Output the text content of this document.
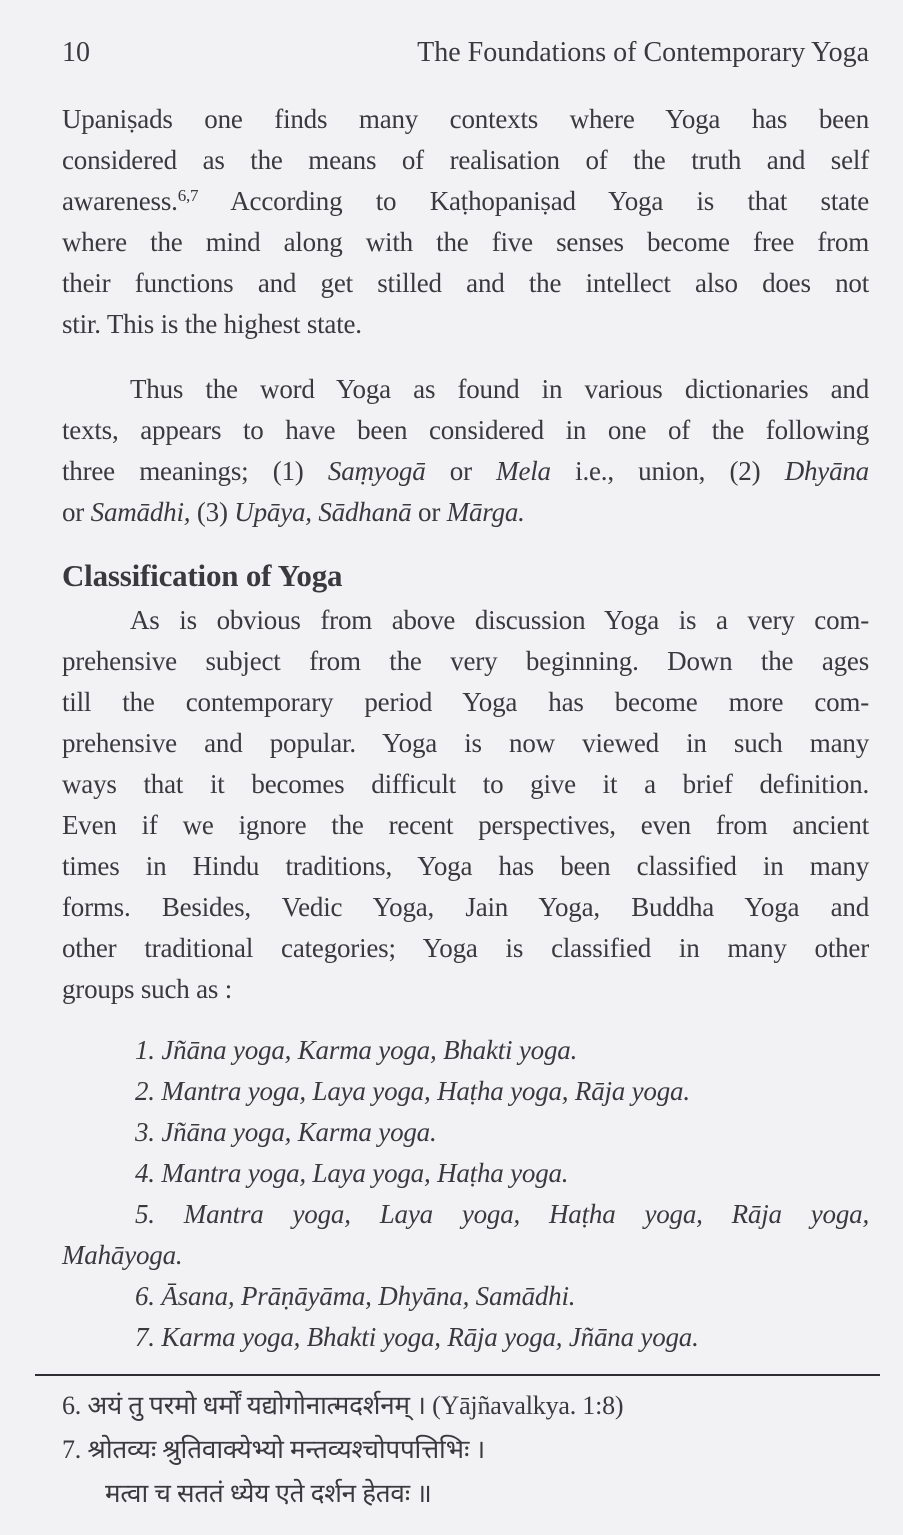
10	The Foundations of Contemporary Yoga
Upaniṣads one finds many contexts where Yoga has been
considered as the means of realisation of the truth and self
awareness.$^{6,7}$ According to Kaṭhopaniṣad Yoga is that state
where the mind along with the five senses become free from
their functions and get stilled and the intellect also does not
stir. This is the highest state.
Thus the word Yoga as found in various dictionaries and
texts, appears to have been considered in one of the following
three meanings; (1) Saṃyogā or Mela i.e., union, (2) Dhyāna
or Samādhi, (3) Upāya, Sādhanā or Mārga.
Classification of Yoga
As is obvious from above discussion Yoga is a very com-
prehensive subject from the very beginning. Down the ages
till the contemporary period Yoga has become more com-
prehensive and popular. Yoga is now viewed in such many
ways that it becomes difficult to give it a brief definition.
Even if we ignore the recent perspectives, even from ancient
times in Hindu traditions, Yoga has been classified in many
forms. Besides, Vedic Yoga, Jain Yoga, Buddha Yoga and
other traditional categories; Yoga is classified in many other
groups such as :
1. Jñāna yoga, Karma yoga, Bhakti yoga.
2. Mantra yoga, Laya yoga, Haṭha yoga, Rāja yoga.
3. Jñāna yoga, Karma yoga.
4. Mantra yoga, Laya yoga, Haṭha yoga.
5. Mantra yoga, Laya yoga, Haṭha yoga, Rāja yoga,
Mahāyoga.
6. Āsana, Prāṇāyāma, Dhyāna, Samādhi.
7. Karma yoga, Bhakti yoga, Rāja yoga, Jñāna yoga.
6. अयं तु परमो धर्मों यद्योगोनात्मदर्शनम् । (Yājñavalkya. 1:8)
7. श्रोतव्यः श्रुतिवाक्येभ्यो मन्तव्यश्चोपपत्तिभिः ।
मत्वा च सततं ध्येय एते दर्शन हेतवः ॥
